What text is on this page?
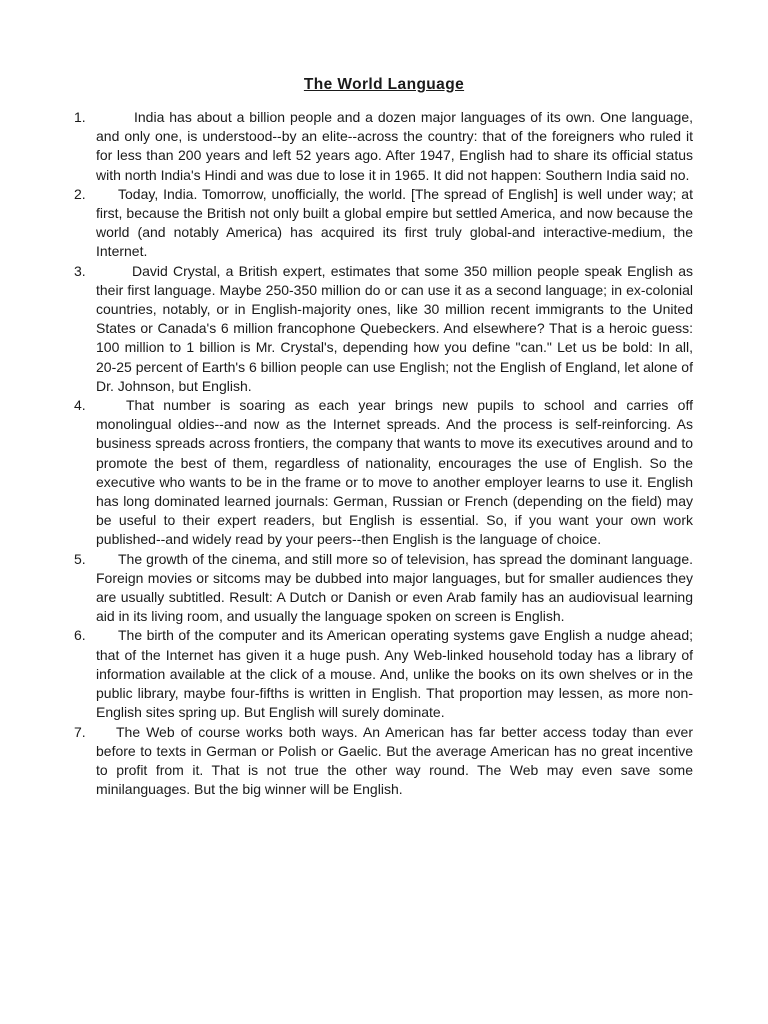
The World Language
1.	India has about a billion people and a dozen major languages of its own. One language, and only one, is understood--by an elite--across the country: that of the foreigners who ruled it for less than 200 years and left 52 years ago. After 1947, English had to share its official status with north India's Hindi and was due to lose it in 1965. It did not happen: Southern India said no.
2. Today, India. Tomorrow, unofficially, the world. [The spread of English] is well under way; at first, because the British not only built a global empire but settled America, and now because the world (and notably America) has acquired its first truly global-and interactive-medium, the Internet.
3.	David Crystal, a British expert, estimates that some 350 million people speak English as their first language. Maybe 250-350 million do or can use it as a second language; in ex-colonial countries, notably, or in English-majority ones, like 30 million recent immigrants to the United States or Canada's 6 million francophone Quebeckers. And elsewhere? That is a heroic guess: 100 million to 1 billion is Mr. Crystal's, depending how you define "can." Let us be bold: In all, 20-25 percent of Earth's 6 billion people can use English; not the English of England, let alone of Dr. Johnson, but English.
4.	That number is soaring as each year brings new pupils to school and carries off monolingual oldies--and now as the Internet spreads. And the process is self-reinforcing. As business spreads across frontiers, the company that wants to move its executives around and to promote the best of them, regardless of nationality, encourages the use of English. So the executive who wants to be in the frame or to move to another employer learns to use it. English has long dominated learned journals: German, Russian or French (depending on the field) may be useful to their expert readers, but English is essential. So, if you want your own work published--and widely read by your peers--then English is the language of choice.
5. The growth of the cinema, and still more so of television, has spread the dominant language. Foreign movies or sitcoms may be dubbed into major languages, but for smaller audiences they are usually subtitled. Result: A Dutch or Danish or even Arab family has an audiovisual learning aid in its living room, and usually the language spoken on screen is English.
6. The birth of the computer and its American operating systems gave English a nudge ahead; that of the Internet has given it a huge push. Any Web-linked household today has a library of information available at the click of a mouse. And, unlike the books on its own shelves or in the public library, maybe four-fifths is written in English. That proportion may lessen, as more non-English sites spring up. But English will surely dominate.
7. The Web of course works both ways. An American has far better access today than ever before to texts in German or Polish or Gaelic. But the average American has no great incentive to profit from it. That is not true the other way round. The Web may even save some minilanguages. But the big winner will be English.
